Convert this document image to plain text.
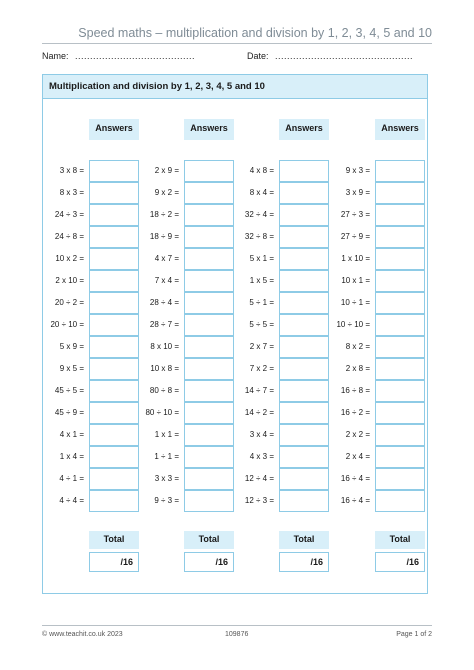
Speed maths – multiplication and division by 1, 2, 3, 4, 5 and 10
Name: ........................................	Date: ..............................................
Multiplication and division by 1, 2, 3, 4, 5 and 10
Answers
3 x 8 =
8 x 3 =
24 ÷ 3 =
24 ÷ 8 =
10 x 2 =
2 x 10 =
20 ÷ 2 =
20 ÷ 10 =
5 x 9 =
9 x 5 =
45 ÷ 5 =
45 ÷ 9 =
4 x 1 =
1 x 4 =
4 ÷ 1 =
4 ÷ 4 =
Total
/16
Answers
2 x 9 =
9 x 2 =
18 ÷ 2 =
18 ÷ 9 =
4 x 7 =
7 x 4 =
28 ÷ 4 =
28 ÷ 7 =
8 x 10 =
10 x 8 =
80 ÷ 8 =
80 ÷ 10 =
1 x 1 =
1 ÷ 1 =
3 x 3 =
9 ÷ 3 =
Total
/16
Answers
4 x 8 =
8 x 4 =
32 ÷ 4 =
32 ÷ 8 =
5 x 1 =
1 x 5 =
5 ÷ 1 =
5 ÷ 5 =
2 x 7 =
7 x 2 =
14 ÷ 7 =
14 ÷ 2 =
3 x 4 =
4 x 3 =
12 ÷ 4 =
12 ÷ 3 =
Total
/16
Answers
9 x 3 =
3 x 9 =
27 ÷ 3 =
27 ÷ 9 =
1 x 10 =
10 x 1 =
10 ÷ 1 =
10 ÷ 10 =
8 x 2 =
2 x 8 =
16 ÷ 8 =
16 ÷ 2 =
2 x 2 =
2 x 4 =
16 ÷ 4 =
16 ÷ 4 =
Total
/16
© www.teachit.co.uk 2023	109876	Page 1 of 2
